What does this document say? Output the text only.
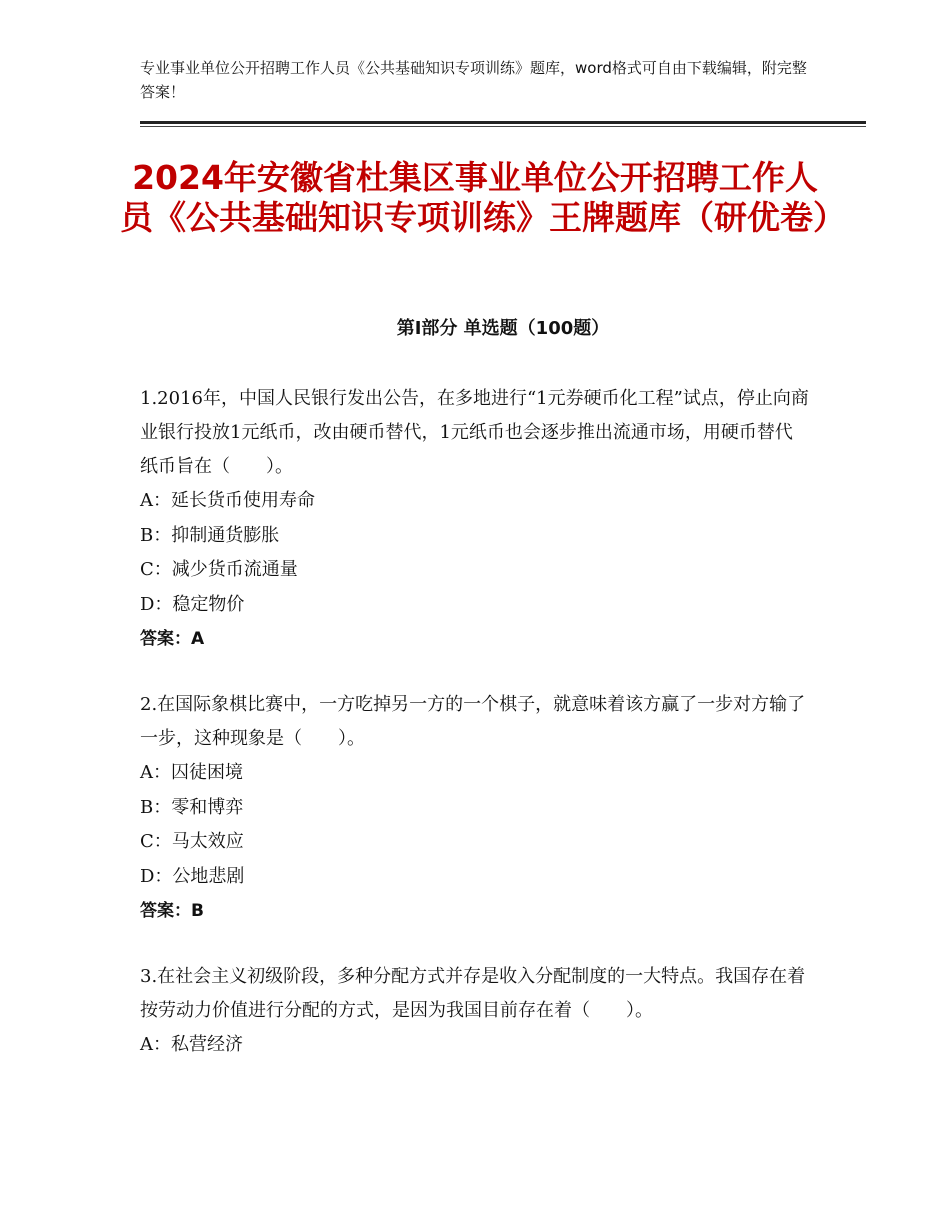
专业事业单位公开招聘工作人员《公共基础知识专项训练》题库，word格式可自由下载编辑，附完整答案！
2024年安徽省杜集区事业单位公开招聘工作人员《公共基础知识专项训练》王牌题库（研优卷）
第I部分 单选题（100题）

1.2016年，中国人民银行发出公告，在多地进行“1元券硬币化工程”试点，停止向商业银行投放1元纸币，改由硬币替代，1元纸币也会逐步推出流通市场，用硬币替代纸币旨在（　　）。

A：延长货币使用寿命

B：抑制通货膨胀

C：减少货币流通量

D：稳定物价

答案：A

2.在国际象棋比赛中，一方吃掉另一方的一个棋子，就意味着该方赢了一步对方输了一步，这种现象是（　　）。

A：囚徒困境

B：零和博弈

C：马太效应

D：公地悲剧

答案：B

3.在社会主义初级阶段，多种分配方式并存是收入分配制度的一大特点。我国存在着按劳动力价值进行分配的方式，是因为我国目前存在着（　　）。

A：私营经济
